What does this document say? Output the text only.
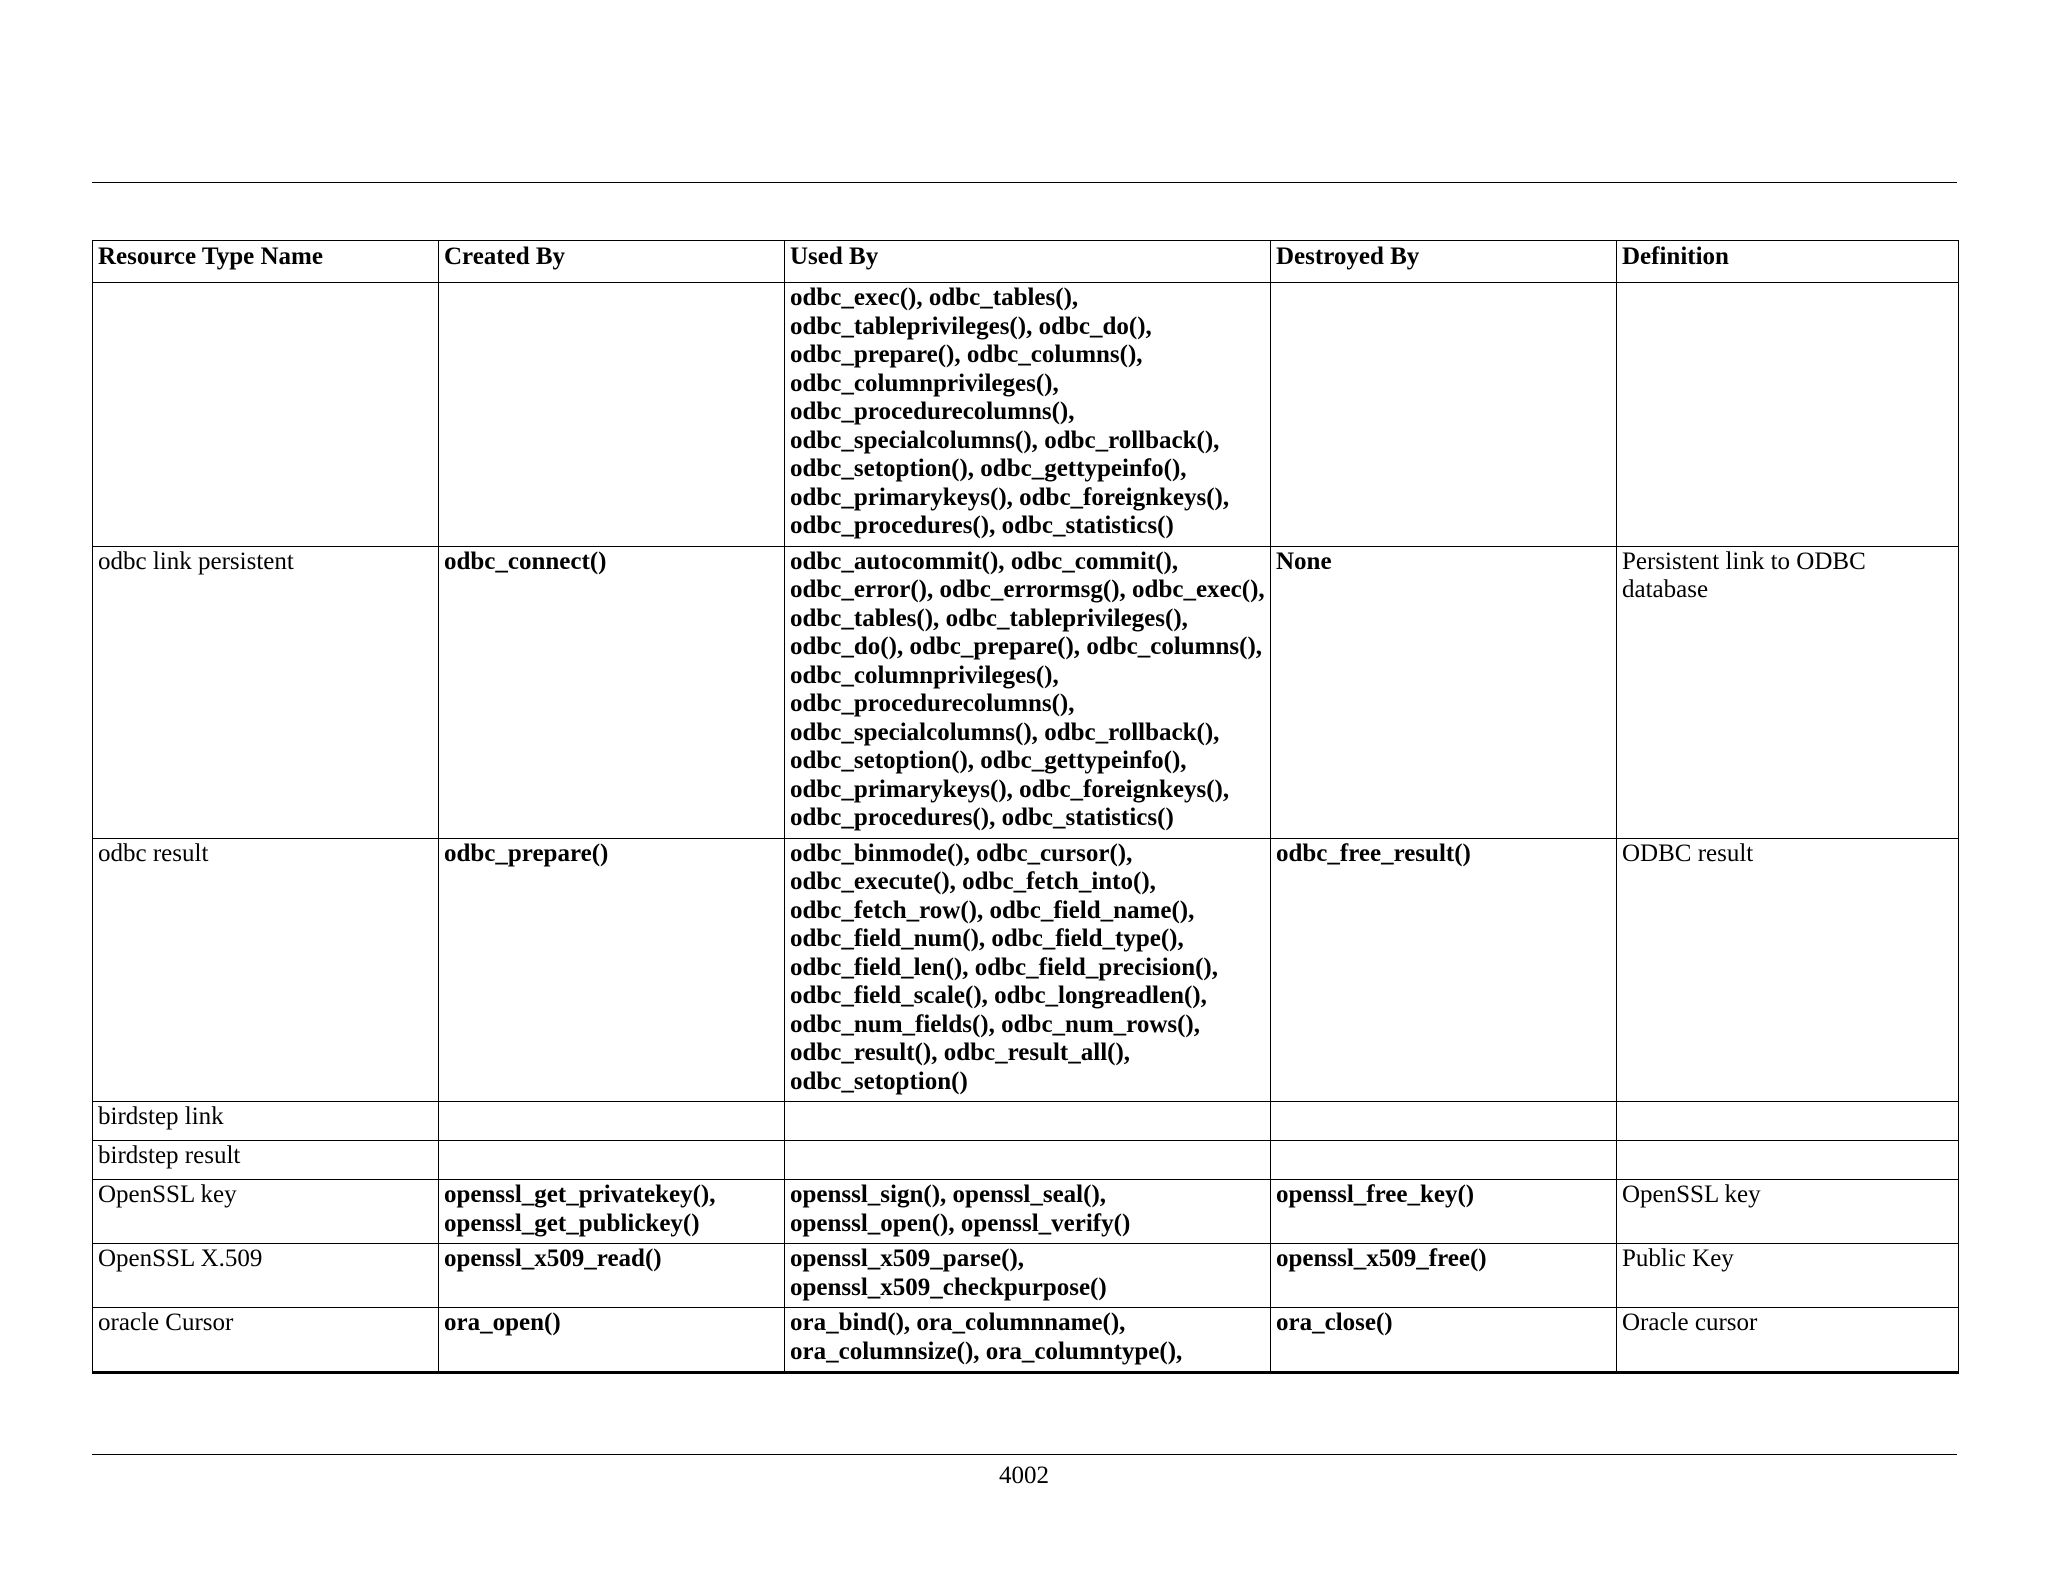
Resource Type Name	Created By	Used By	Destroyed By	Definition
		odbc_exec(), odbc_tables(), odbc_tableprivileges(), odbc_do(), odbc_prepare(), odbc_columns(), odbc_columnprivileges(), odbc_procedurecolumns(), odbc_specialcolumns(), odbc_rollback(), odbc_setoption(), odbc_gettypeinfo(), odbc_primarykeys(), odbc_foreignkeys(), odbc_procedures(), odbc_statistics()		
odbc link persistent	odbc_connect()	odbc_autocommit(), odbc_commit(), odbc_error(), odbc_errormsg(), odbc_exec(), odbc_tables(), odbc_tableprivileges(), odbc_do(), odbc_prepare(), odbc_columns(), odbc_columnprivileges(), odbc_procedurecolumns(), odbc_specialcolumns(), odbc_rollback(), odbc_setoption(), odbc_gettypeinfo(), odbc_primarykeys(), odbc_foreignkeys(), odbc_procedures(), odbc_statistics()	None	Persistent link to ODBC database
odbc result	odbc_prepare()	odbc_binmode(), odbc_cursor(), odbc_execute(), odbc_fetch_into(), odbc_fetch_row(), odbc_field_name(), odbc_field_num(), odbc_field_type(), odbc_field_len(), odbc_field_precision(), odbc_field_scale(), odbc_longreadlen(), odbc_num_fields(), odbc_num_rows(), odbc_result(), odbc_result_all(), odbc_setoption()	odbc_free_result()	ODBC result
birdstep link				
birdstep result				
OpenSSL key	openssl_get_privatekey(), openssl_get_publickey()	openssl_sign(), openssl_seal(), openssl_open(), openssl_verify()	openssl_free_key()	OpenSSL key
OpenSSL X.509	openssl_x509_read()	openssl_x509_parse(), openssl_x509_checkpurpose()	openssl_x509_free()	Public Key
oracle Cursor	ora_open()	ora_bind(), ora_columnname(), ora_columnsize(), ora_columntype(),	ora_close()	Oracle cursor
4002
